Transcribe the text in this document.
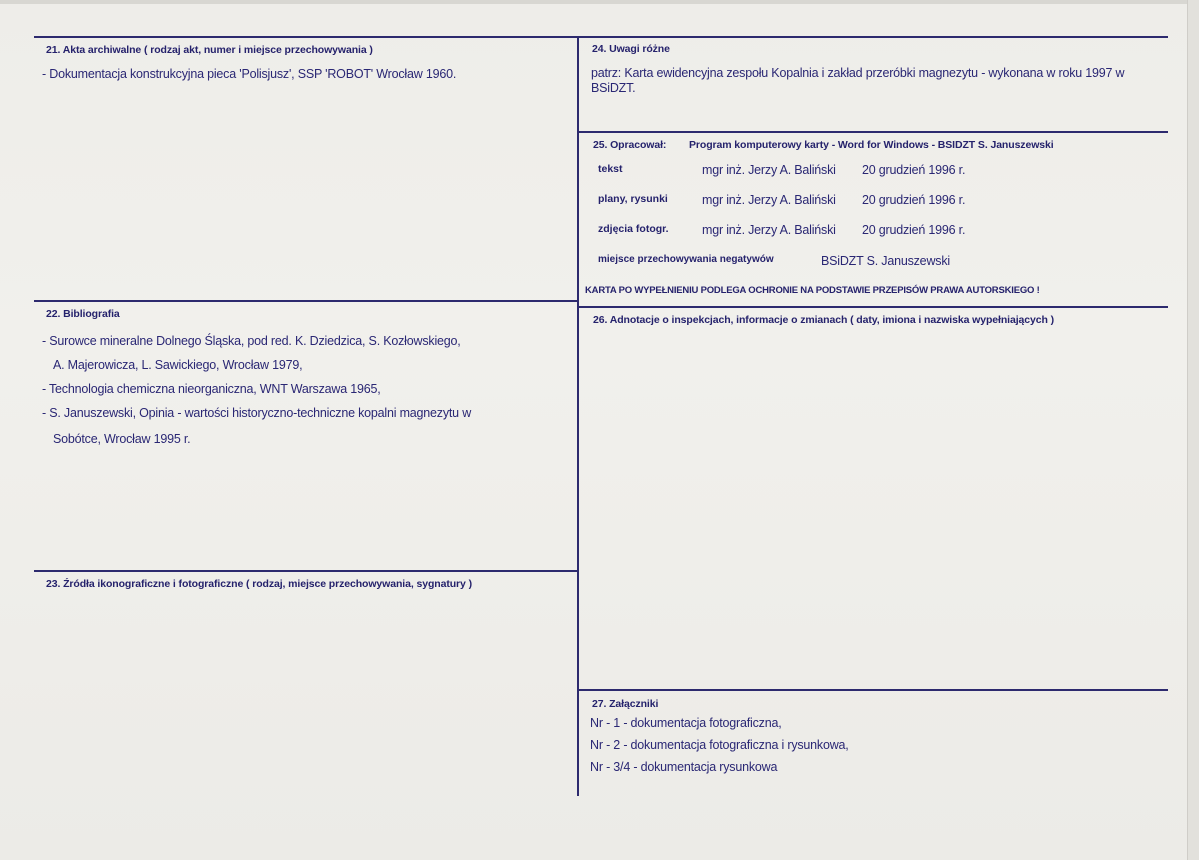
21. Akta archiwalne ( rodzaj akt, numer i miejsce przechowywania )
- Dokumentacja konstrukcyjna pieca 'Polisjusz', SSP 'ROBOT' Wrocław 1960.
22. Bibliografia
- Surowce mineralne Dolnego Śląska, pod red. K. Dziedzica, S. Kozłowskiego,
A. Majerowicza, L. Sawickiego, Wrocław 1979,
- Technologia chemiczna nieorganiczna, WNT Warszawa 1965,
- S. Januszewski, Opinia - wartości historyczno-techniczne kopalni magnezytu w
Sobótce, Wrocław 1995 r.
23. Źródła ikonograficzne i fotograficzne ( rodzaj, miejsce przechowywania, sygnatury )
24. Uwagi różne
patrz: Karta ewidencyjna zespołu Kopalnia i zakład przeróbki magnezytu - wykonana w roku 1997 w BSiDZT.
25. Opracował: Program komputerowy karty - Word for Windows - BSIDZT S. Januszewski
tekst	mgr inż. Jerzy A. Baliński 20 grudzień 1996 r.
plany, rysunki	mgr inż. Jerzy A. Baliński 20 grudzień 1996 r.
zdjęcia fotogr.	mgr inż. Jerzy A. Baliński 20 grudzień 1996 r.
miejsce przechowywania negatywów	BSiDZT S. Januszewski
KARTA PO WYPEŁNIENIU PODLEGA OCHRONIE NA PODSTAWIE PRZEPISÓW PRAWA AUTORSKIEGO !
26. Adnotacje o inspekcjach, informacje o zmianach ( daty, imiona i nazwiska wypełniających )
27. Załączniki
Nr - 1 - dokumentacja fotograficzna,
Nr - 2 - dokumentacja fotograficzna i rysunkowa,
Nr - 3/4 - dokumentacja rysunkowa
